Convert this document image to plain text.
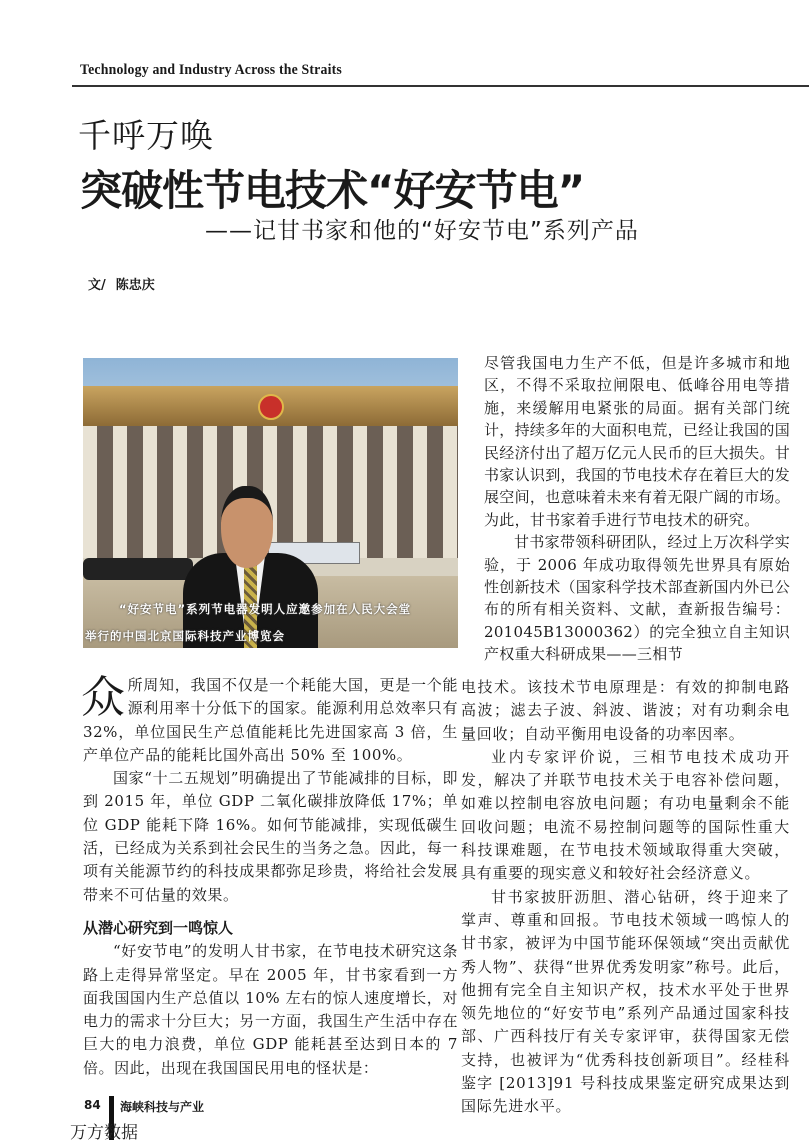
Technology and Industry Across the Straits
千呼万唤
突破性节电技术“好安节电”
——记甘书家和他的“好安节电”系列产品
文/ 陈忠庆
“好安节电”系列节电器发明人应邀参加在人民大会堂
举行的中国北京国际科技产业博览会

尽管我国电力生产不低，但是许多城市和地区，不得不采取拉闸限电、低峰谷用电等措施，来缓解用电紧张的局面。据有关部门统计，持续多年的大面积电荒，已经让我国的国民经济付出了超万亿元人民币的巨大损失。甘书家认识到，我国的节电技术存在着巨大的发展空间，也意味着未来有着无限广阔的市场。为此，甘书家着手进行节电技术的研究。

甘书家带领科研团队，经过上万次科学实验，于 2006 年成功取得领先世界具有原始性创新技术（国家科学技术部查新国内外已公布的所有相关资料、文献，查新报告编号：201045B13000362）的完全独立自主知识产权重大科研成果——三相节

众 所周知，我国不仅是一个耗能大国，更是一个能源利用率十分低下的国家。能源利用总效率只有 32%，单位国民生产总值能耗比先进国家高 3 倍，生产单位产品的能耗比国外高出 50% 至 100%。

国家“十二五规划”明确提出了节能减排的目标，即到 2015 年，单位 GDP 二氧化碳排放降低 17%；单位 GDP 能耗下降 16%。如何节能减排，实现低碳生活，已经成为关系到社会民生的当务之急。因此，每一项有关能源节约的科技成果都弥足珍贵，将给社会发展带来不可估量的效果。

从潜心研究到一鸣惊人

“好安节电”的发明人甘书家，在节电技术研究这条路上走得异常坚定。早在 2005 年，甘书家看到一方面我国国内生产总值以 10% 左右的惊人速度增长，对电力的需求十分巨大；另一方面，我国生产生活中存在巨大的电力浪费，单位 GDP 能耗甚至达到日本的 7 倍。因此，出现在我国国民用电的怪状是：

电技术。该技术节电原理是：有效的抑制电路高波；滤去子波、斜波、谐波；对有功剩余电量回收；自动平衡用电设备的功率因率。

业内专家评价说，三相节电技术成功开发，解决了并联节电技术关于电容补偿问题，如难以控制电容放电问题；有功电量剩余不能回收问题；电流不易控制问题等的国际性重大科技课难题，在节电技术领域取得重大突破，具有重要的现实意义和较好社会经济意义。

甘书家披肝沥胆、潜心钻研，终于迎来了掌声、尊重和回报。节电技术领域一鸣惊人的甘书家，被评为中国节能环保领域“突出贡献优秀人物”、获得“世界优秀发明家”称号。此后，他拥有完全自主知识产权，技术水平处于世界领先地位的“好安节电”系列产品通过国家科技部、广西科技厅有关专家评审，获得国家无偿支持，也被评为“优秀科技创新项目”。经桂科鉴字 [2013]91 号科技成果鉴定研究成果达到国际先进水平。

84 海峡科技与产业
万方数据
